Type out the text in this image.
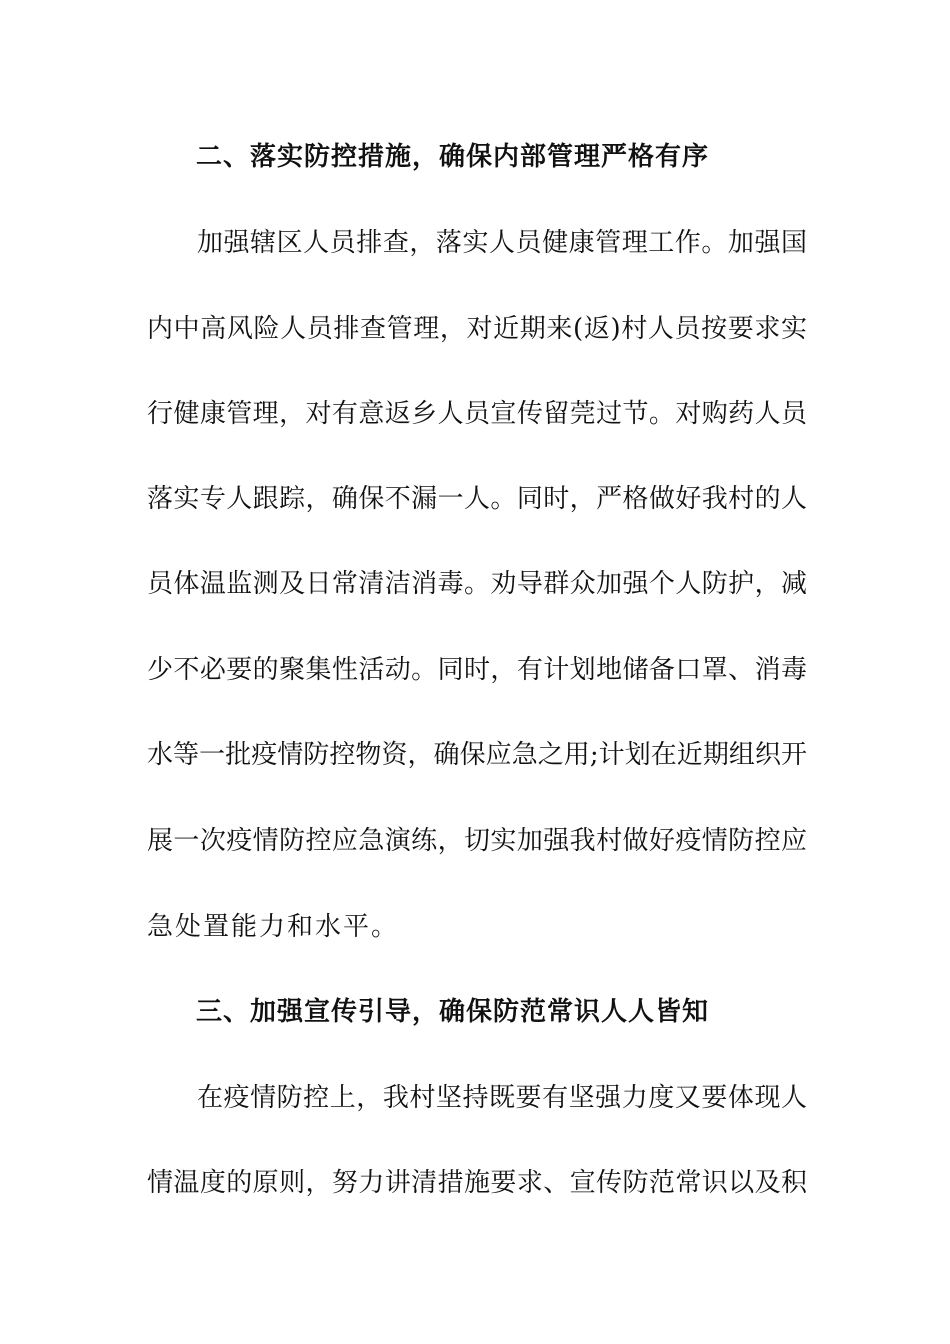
二、落实防控措施，确保内部管理严格有序
加强辖区人员排查，落实人员健康管理工作。加强国
内中高风险人员排查管理，对近期来(返)村人员按要求实
行健康管理，对有意返乡人员宣传留莞过节。对购药人员
落实专人跟踪，确保不漏一人。同时，严格做好我村的人
员体温监测及日常清洁消毒。劝导群众加强个人防护，减
少不必要的聚集性活动。同时，有计划地储备口罩、消毒
水等一批疫情防控物资，确保应急之用;计划在近期组织开
展一次疫情防控应急演练，切实加强我村做好疫情防控应
急处置能力和水平。
三、加强宣传引导，确保防范常识人人皆知
在疫情防控上，我村坚持既要有坚强力度又要体现人
情温度的原则，努力讲清措施要求、宣传防范常识以及积
